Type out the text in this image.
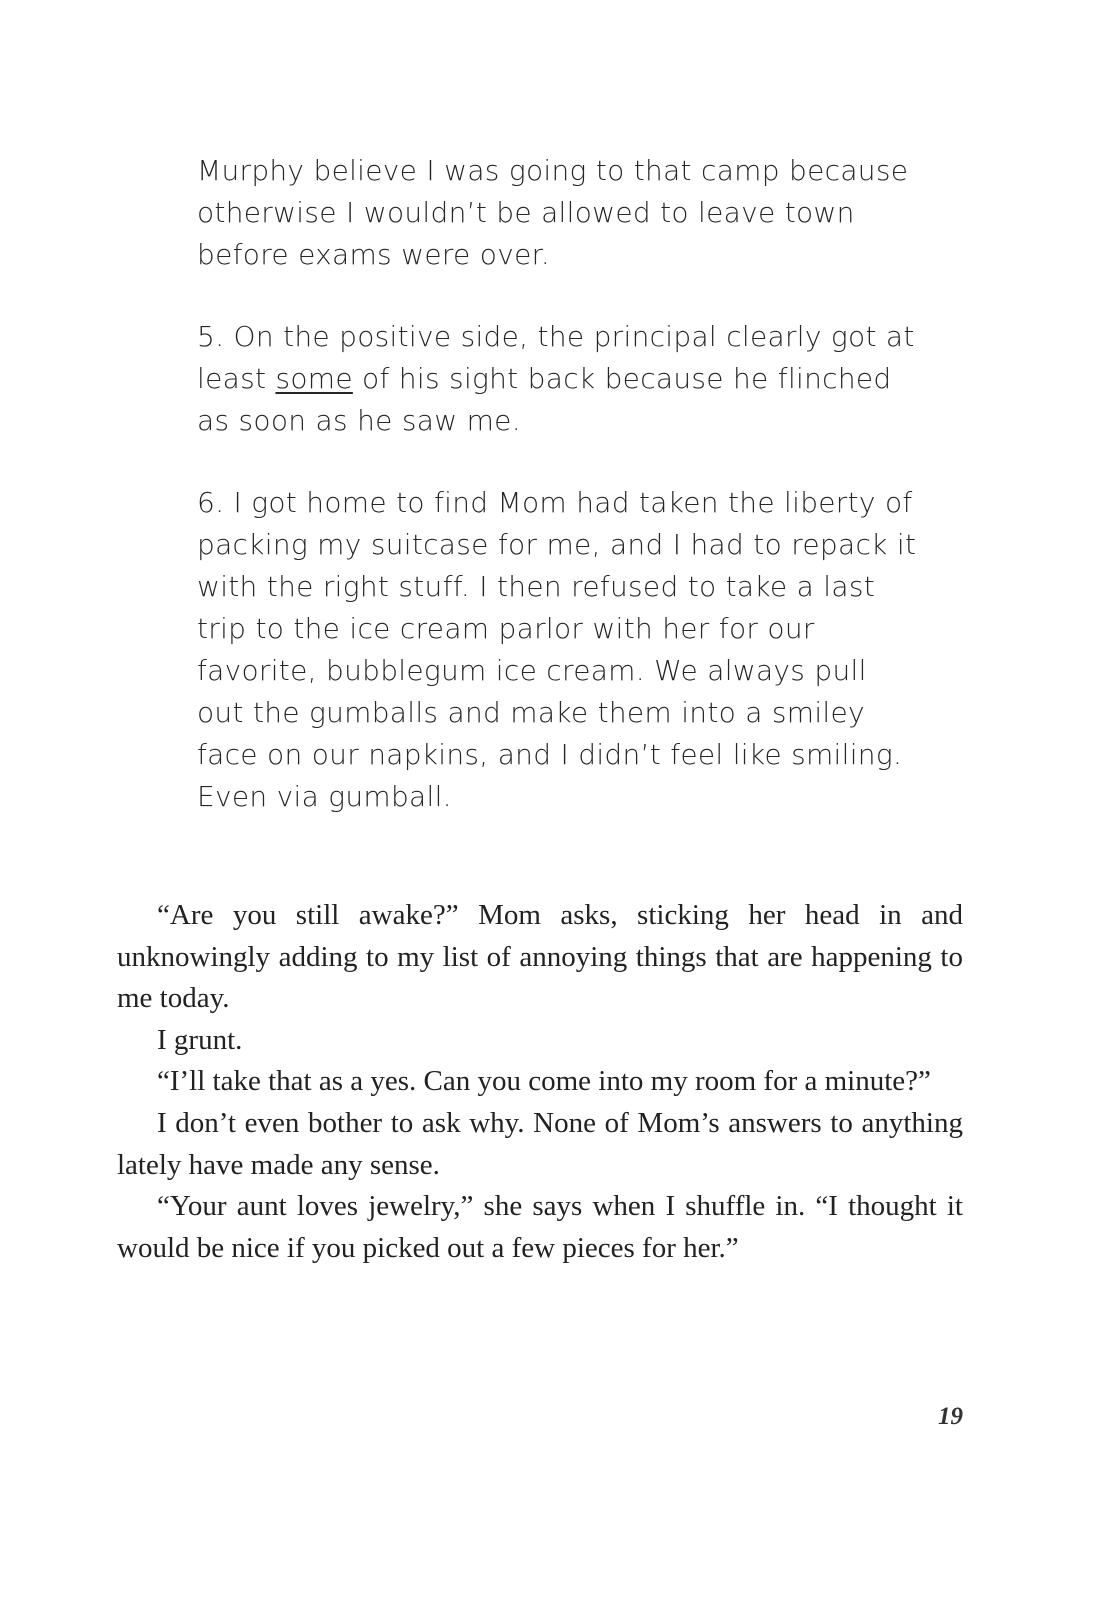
Murphy believe I was going to that camp because otherwise I wouldn’t be allowed to leave town before exams were over.

5. On the positive side, the principal clearly got at least some of his sight back because he flinched as soon as he saw me.

6. I got home to find Mom had taken the liberty of packing my suitcase for me, and I had to repack it with the right stuff. I then refused to take a last trip to the ice cream parlor with her for our favorite, bubblegum ice cream. We always pull out the gumballs and make them into a smiley face on our napkins, and I didn’t feel like smiling. Even via gumball.

“Are you still awake?” Mom asks, sticking her head in and unknowingly adding to my list of annoying things that are happening to me today.

I grunt.

“I’ll take that as a yes. Can you come into my room for a minute?”

I don’t even bother to ask why. None of Mom’s answers to anything lately have made any sense.

“Your aunt loves jewelry,” she says when I shuffle in. “I thought it would be nice if you picked out a few pieces for her.”

19
